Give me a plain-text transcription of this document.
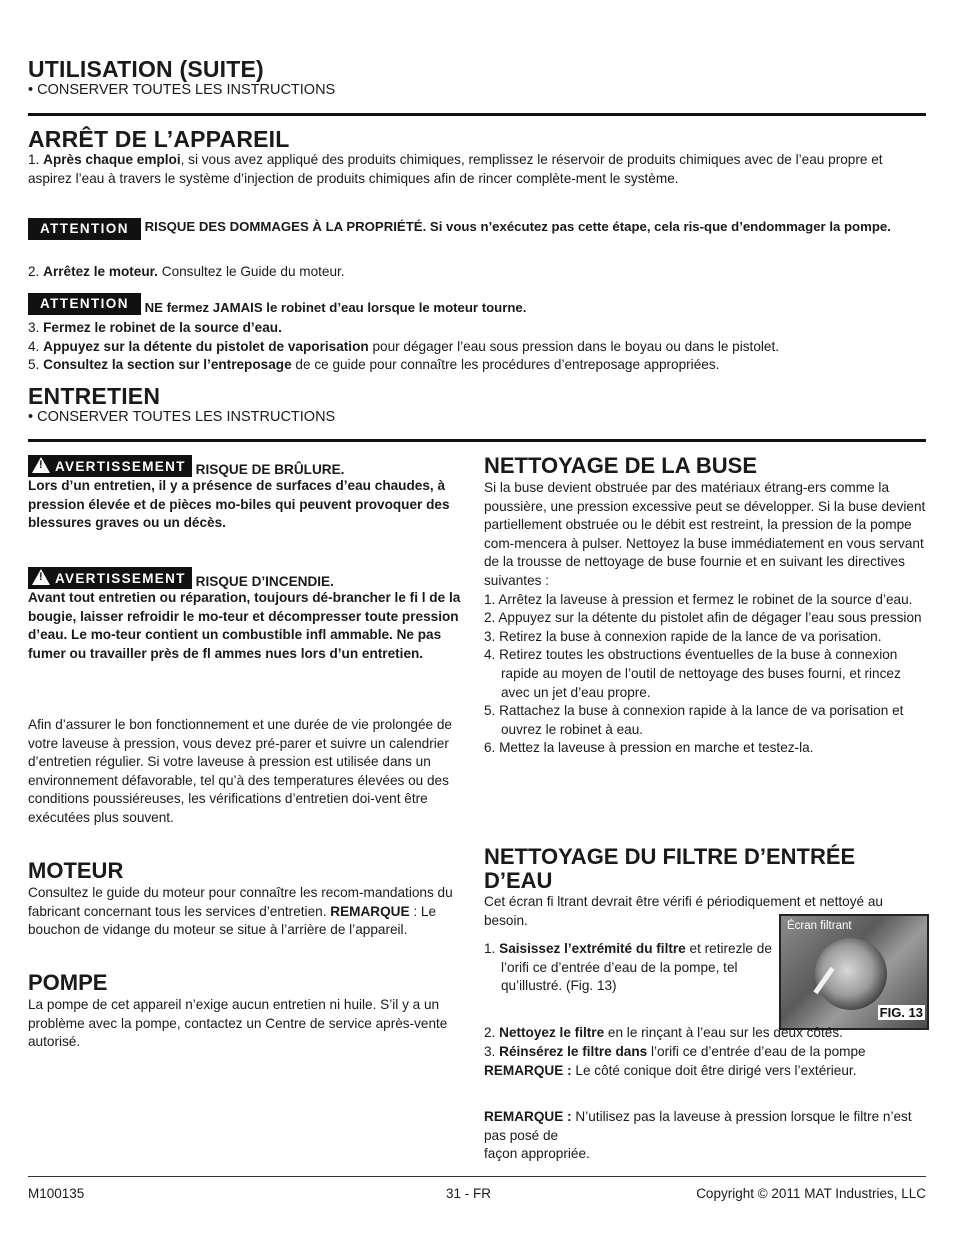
UTILISATION (SUITE)
• CONSERVER TOUTES LES INSTRUCTIONS
ARRÊT DE L’APPAREIL

1. Après chaque emploi, si vous avez appliqué des produits chimiques, remplissez le réservoir de produits chimiques avec de l’eau propre et aspirez l’eau à travers le système d’injection de produits chimiques afin de rincer complète-ment le système.

ATTENTION RISQUE DES DOMMAGES À LA PROPRIÉTÉ. Si vous n’exécutez pas cette étape, cela ris-que d’endommager la pompe.
2. Arrêtez le moteur. Consultez le Guide du moteur.
ATTENTION NE fermez JAMAIS le robinet d’eau lorsque le moteur tourne.
3. Fermez le robinet de la source d’eau.
4. Appuyez sur la détente du pistolet de vaporisation pour dégager l’eau sous pression dans le boyau ou dans le pistolet.
5. Consultez la section sur l’entreposage de ce guide pour connaître les procédures d’entreposage appropriées.
ENTRETIEN
• CONSERVER TOUTES LES INSTRUCTIONS

! AVERTISSEMENT RISQUE DE BRÛLURE.

Lors d’un entretien, il y a présence de surfaces d’eau chaudes, à pression élevée et de pièces mo-biles qui peuvent provoquer des blessures graves ou un décès.

! AVERTISSEMENT RISQUE D’INCENDIE.

Avant tout entretien ou réparation, toujours dé-brancher le fi l de la bougie, laisser refroidir le mo-teur et décompresser toute pression d’eau. Le mo-teur contient un combustible infl ammable. Ne pas fumer ou travailler près de fl ammes nues lors d’un entretien.

Afin d’assurer le bon fonctionnement et une durée de vie prolongée de votre laveuse à pression, vous devez pré-parer et suivre un calendrier d’entretien régulier. Si votre laveuse à pression est utilisée dans un environnement défavorable, tel qu’à des temperatures élevées ou des conditions poussiéreuses, les vérifications d’entretien doi-vent être exécutées plus souvent.
MOTEUR
Consultez le guide du moteur pour connaître les recom-mandations du fabricant concernant tous les services d’entretien. REMARQUE : Le bouchon de vidange du moteur se situe à l’arrière de l’appareil.
POMPE
La pompe de cet appareil n’exige aucun entretien ni huile. S’il y a un problème avec la pompe, contactez un Centre de service après-vente autorisé.
NETTOYAGE DE LA BUSE

Si la buse devient obstruée par des matériaux étrang-ers comme la poussière, une pression excessive peut se développer. Si la buse devient partiellement obstruée ou le débit est restreint, la pression de la pompe com-mencera à pulser. Nettoyez la buse immédiatement en vous servant de la trousse de nettoyage de buse fournie et en suivant les directives suivantes :

1. Arrêtez la laveuse à pression et fermez le robinet de la source d’eau.

2. Appuyez sur la détente du pistolet afin de dégager l’eau sous pression

3. Retirez la buse à connexion rapide de la lance de va porisation.

4. Retirez toutes les obstructions éventuelles de la buse à connexion rapide au moyen de l’outil de nettoyage des buses fourni, et rincez avec un jet d’eau propre.

5. Rattachez la buse à connexion rapide à la lance de va porisation et ouvrez le robinet à eau.

6. Mettez la laveuse à pression en marche et testez-la.

NETTOYAGE DU FILTRE D’ENTRÉE D’EAU
Cet écran fi ltrant devrait être vérifi é périodiquement et nettoyé au besoin.

1. Saisissez l’extrémité du filtre et retirezle de l’orifi ce d’entrée d’eau de la pompe, tel qu’illustré. (Fig. 13)

Écran filtrant
FIG. 13
2. Nettoyez le filtre en le rinçant à l’eau sur les deux côtés.
3. Réinsérez le filtre dans l’orifi ce d’entrée d’eau de la pompe REMARQUE : Le côté conique doit être dirigé vers l’extérieur.

REMARQUE : N’utilisez pas la laveuse à pression lorsque le filtre n’est pas posé de

façon appropriée.

M100135	31 - FR	Copyright © 2011 MAT Industries, LLC
